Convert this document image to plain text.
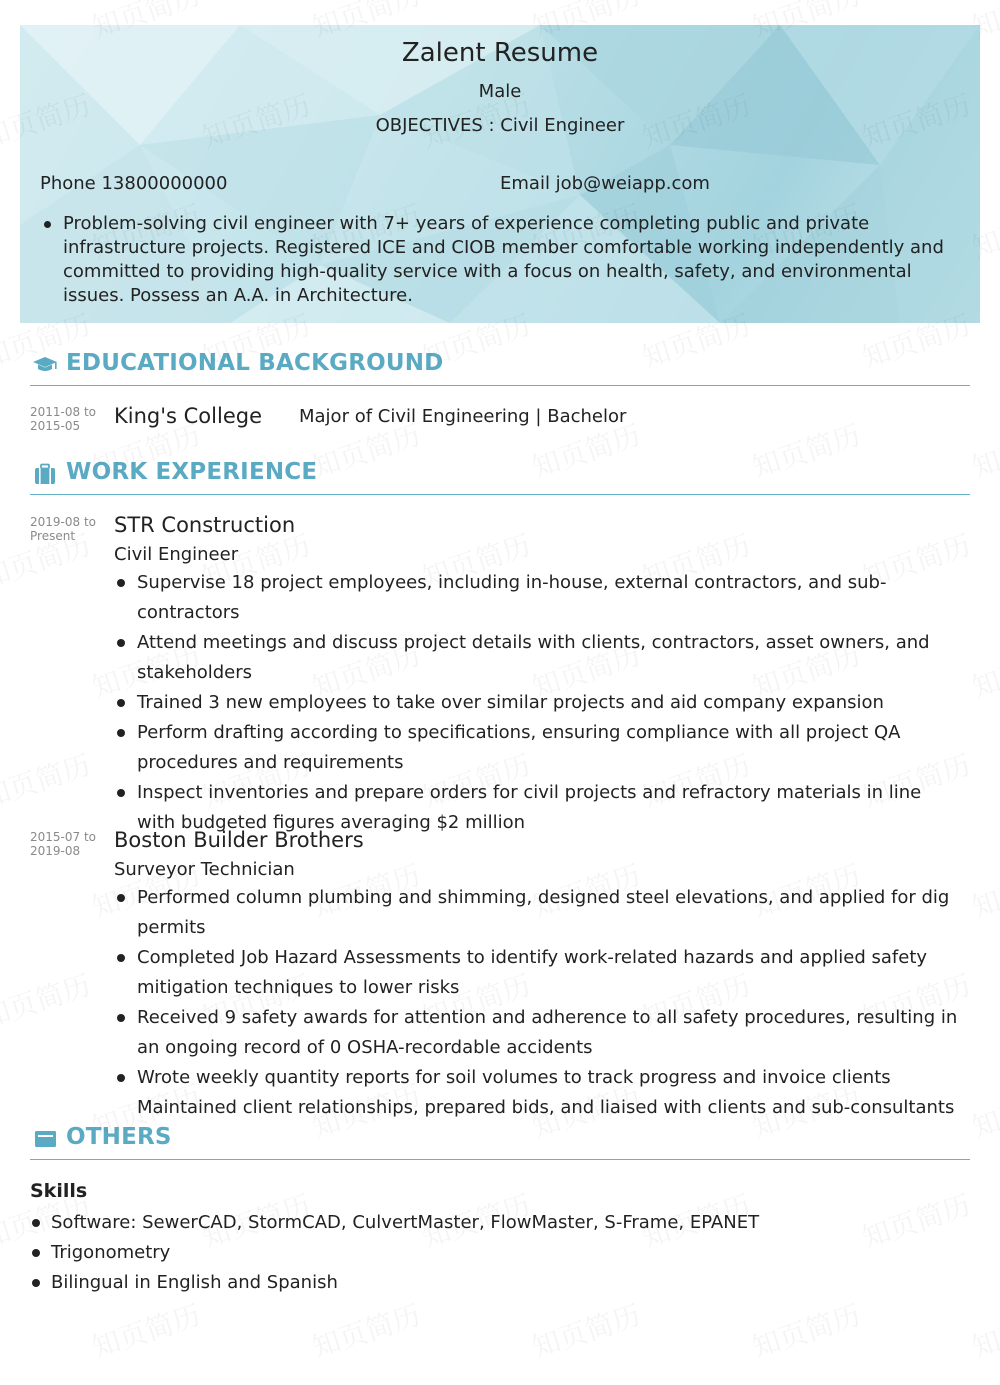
Zalent Resume
Male
OBJECTIVES : Civil Engineer
Phone 13800000000	Email job@weiapp.com
Problem-solving civil engineer with 7+ years of experience completing public and private infrastructure projects. Registered ICE and CIOB member comfortable working independently and committed to providing high-quality service with a focus on health, safety, and environmental issues. Possess an A.A. in Architecture.
EDUCATIONAL BACKGROUND
2011-08 to
2015-05	King's College Major of Civil Engineering | Bachelor
WORK EXPERIENCE
2019-08 to
Present	STR Construction
Civil Engineer
Supervise 18 project employees, including in-house, external contractors, and sub-contractors
Attend meetings and discuss project details with clients, contractors, asset owners, and stakeholders
Trained 3 new employees to take over similar projects and aid company expansion
Perform drafting according to specifications, ensuring compliance with all project QA procedures and requirements
Inspect inventories and prepare orders for civil projects and refractory materials in line with budgeted figures averaging $2 million
2015-07 to
2019-08	Boston Builder Brothers
Surveyor Technician
Performed column plumbing and shimming, designed steel elevations, and applied for dig permits
Completed Job Hazard Assessments to identify work-related hazards and applied safety mitigation techniques to lower risks
Received 9 safety awards for attention and adherence to all safety procedures, resulting in an ongoing record of 0 OSHA-recordable accidents
Wrote weekly quantity reports for soil volumes to track progress and invoice clients
Maintained client relationships, prepared bids, and liaised with clients and sub-consultants
OTHERS
Skills
Software: SewerCAD, StormCAD, CulvertMaster, FlowMaster, S-Frame, EPANET
Trigonometry
Bilingual in English and Spanish
